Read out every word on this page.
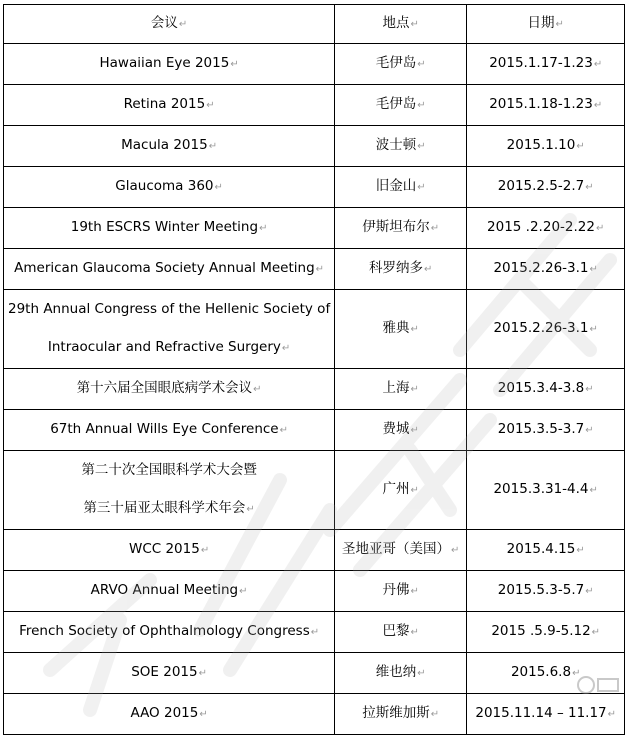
会议↵	地点↵	日期↵

Hawaiian Eye 2015↵	毛伊岛↵	2015.1.17-1.23↵

Retina 2015↵	毛伊岛↵	2015.1.18-1.23↵

Macula 2015↵	波士顿↵	2015.1.10↵

Glaucoma 360↵	旧金山↵	2015.2.5-2.7↵

19th ESCRS Winter Meeting↵	伊斯坦布尔↵	2015 .2.20-2.22↵

American Glaucoma Society Annual Meeting↵	科罗纳多↵	2015.2.26-3.1↵

29th Annual Congress of the Hellenic Society of
Intraocular and Refractive Surgery↵	雅典↵	2015.2.26-3.1↵

第十六届全国眼底病学术会议↵	上海↵	2015.3.4-3.8↵

67th Annual Wills Eye Conference↵	费城↵	2015.3.5-3.7↵

第二十次全国眼科学术大会暨
第三十届亚太眼科学术年会↵	广州↵	2015.3.31-4.4↵

WCC 2015↵	圣地亚哥（美国）↵	2015.4.15↵

ARVO Annual Meeting↵	丹佛↵	2015.5.3-5.7↵

French Society of Ophthalmology Congress↵	巴黎↵	2015 .5.9-5.12↵

SOE 2015↵	维也纳↵	2015.6.8↵

AAO 2015↵	拉斯维加斯↵	2015.11.14 – 11.17↵
